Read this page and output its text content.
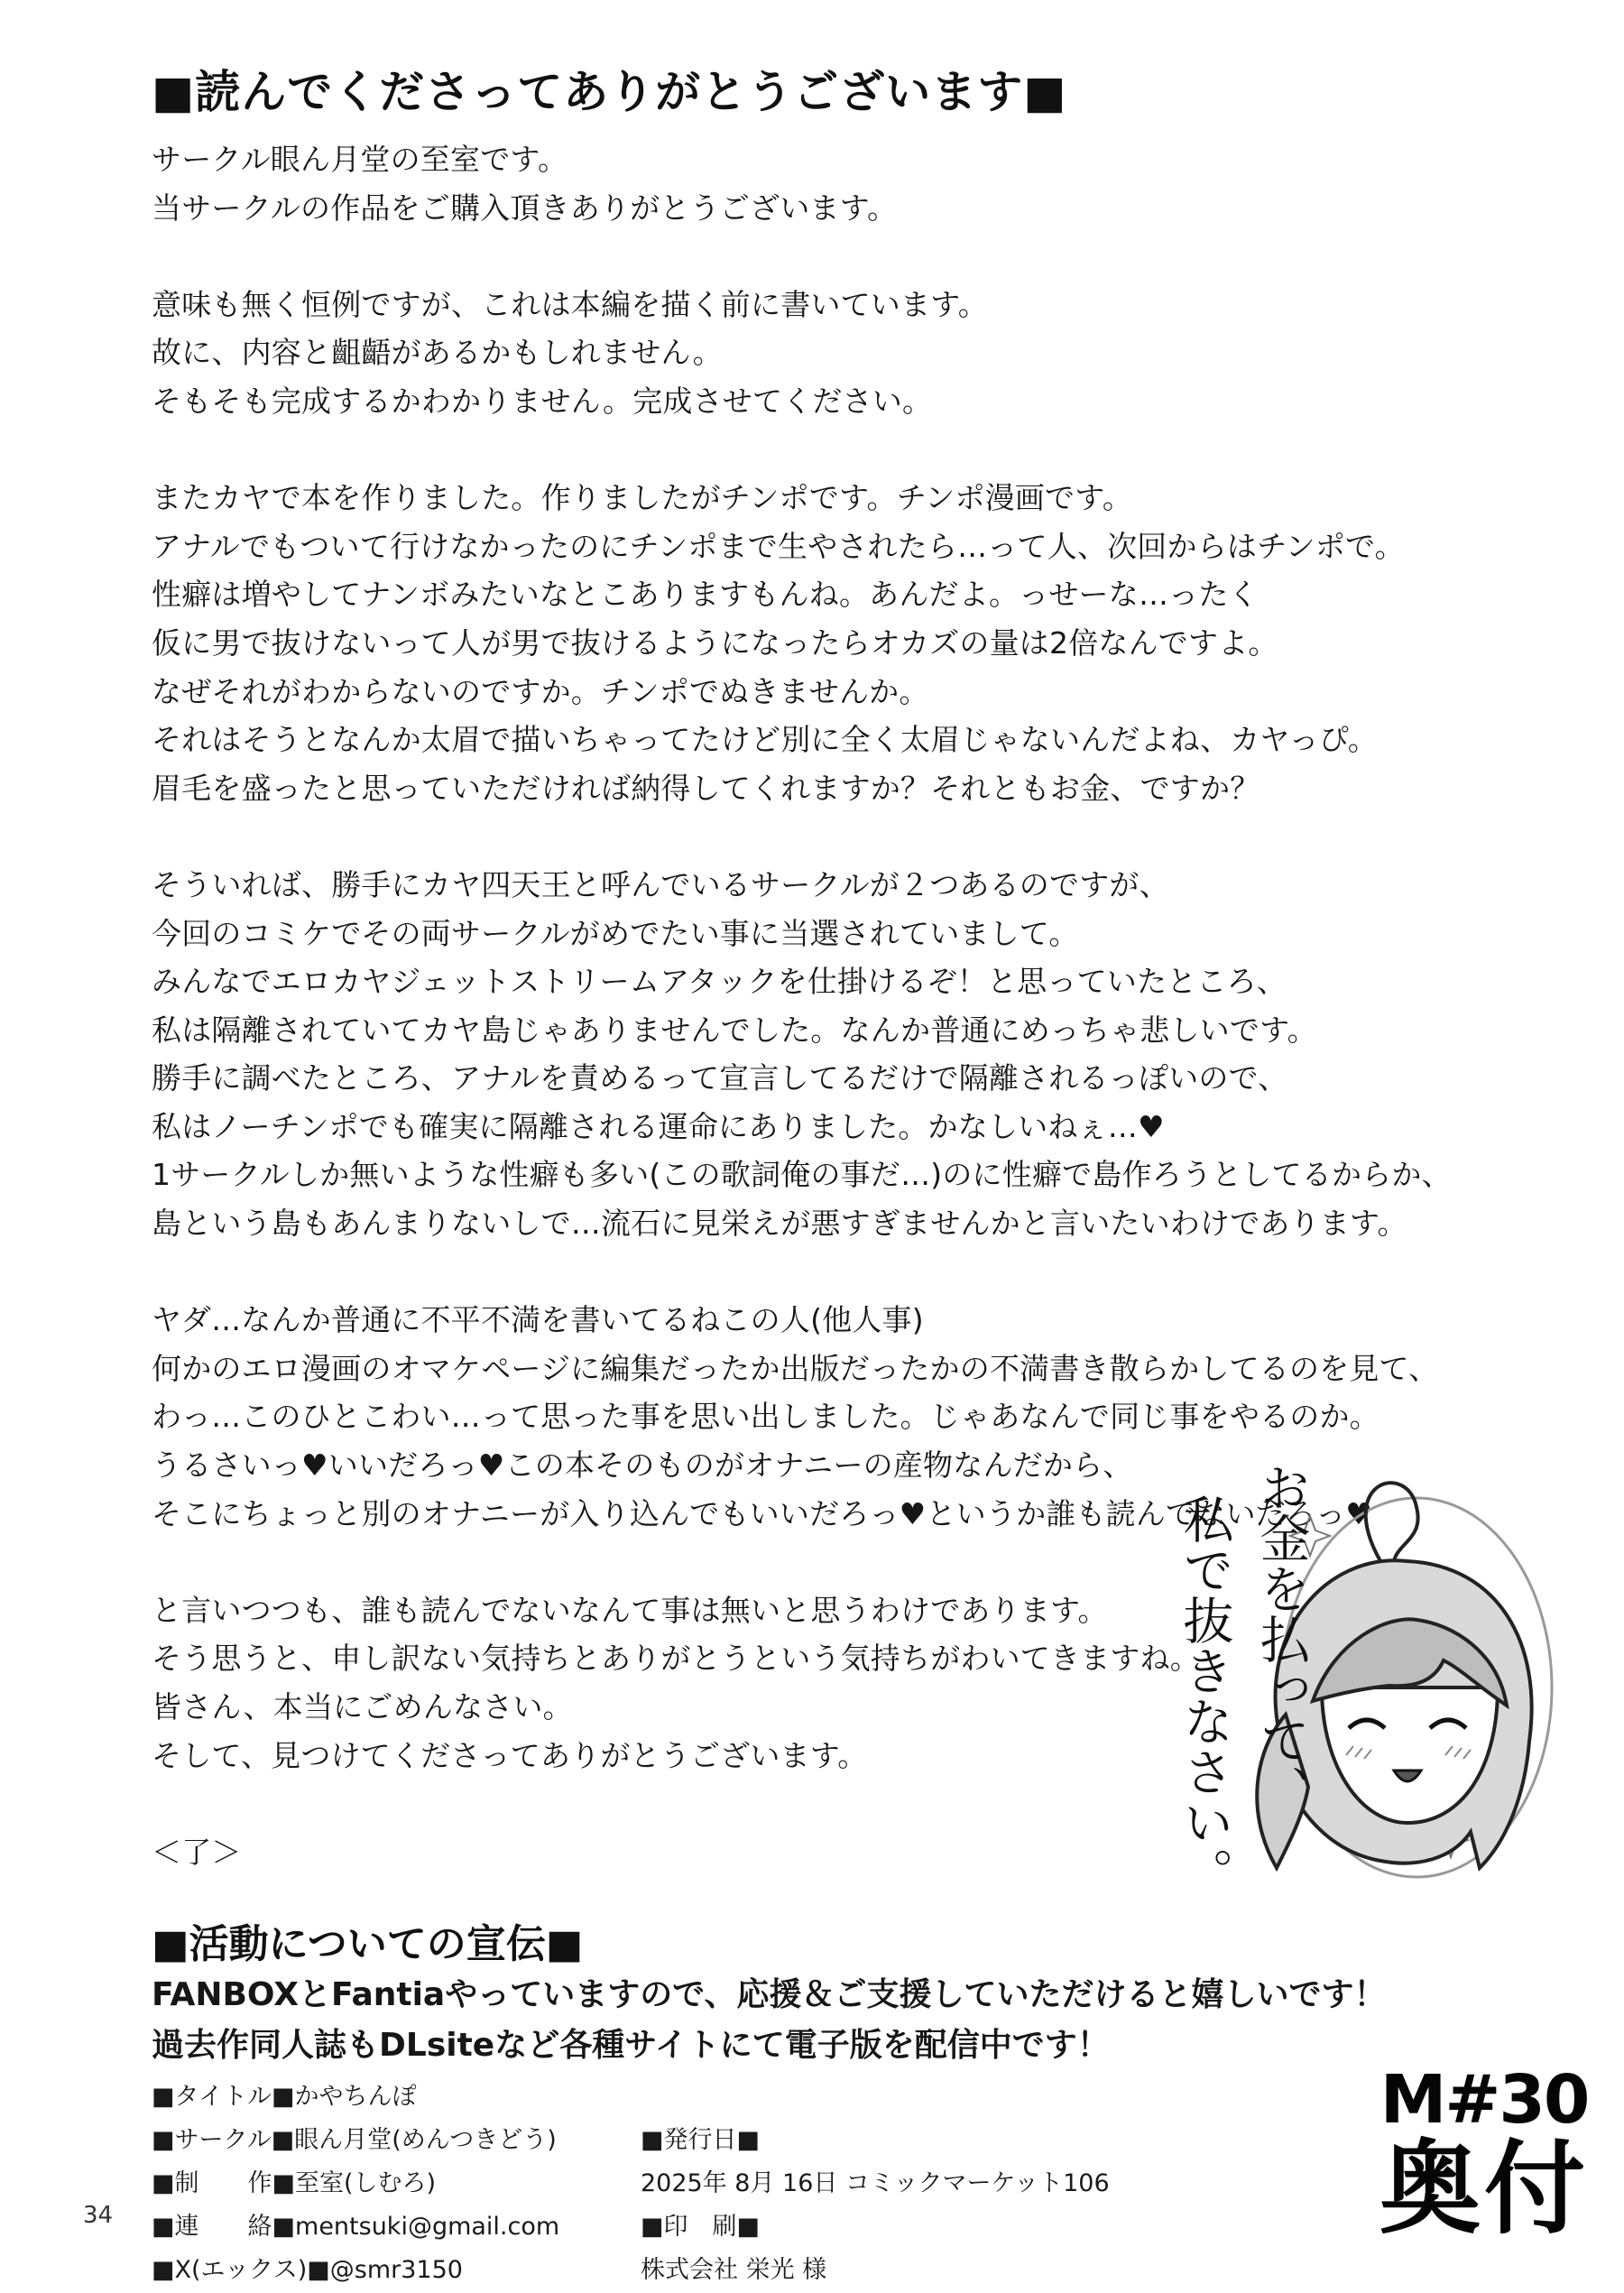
■読んでくださってありがとうございます■
サークル眼ん月堂の至室です。
当サークルの作品をご購入頂きありがとうございます。
意味も無く恒例ですが、これは本編を描く前に書いています。
故に、内容と齟齬があるかもしれません。
そもそも完成するかわかりません。完成させてください。
またカヤで本を作りました。作りましたがチンポです。チンポ漫画です。
アナルでもついて行けなかったのにチンポまで生やされたら…って人、次回からはチンポで。
性癖は増やしてナンボみたいなとこありますもんね。あんだよ。っせーな…ったく
仮に男で抜けないって人が男で抜けるようになったらオカズの量は2倍なんですよ。
なぜそれがわからないのですか。チンポでぬきませんか。
それはそうとなんか太眉で描いちゃってたけど別に全く太眉じゃないんだよね、カヤっぴ。
眉毛を盛ったと思っていただければ納得してくれますか？それともお金、ですか？
そういれば、勝手にカヤ四天王と呼んでいるサークルが２つあるのですが、
今回のコミケでその両サークルがめでたい事に当選されていまして。
みんなでエロカヤジェットストリームアタックを仕掛けるぞ！と思っていたところ、
私は隔離されていてカヤ島じゃありませんでした。なんか普通にめっちゃ悲しいです。
勝手に調べたところ、アナルを責めるって宣言してるだけで隔離されるっぽいので、
私はノーチンポでも確実に隔離される運命にありました。かなしいねぇ…♥
1サークルしか無いような性癖も多い(この歌詞俺の事だ…)のに性癖で島作ろうとしてるからか、
島という島もあんまりないしで…流石に見栄えが悪すぎませんかと言いたいわけであります。
ヤダ…なんか普通に不平不満を書いてるねこの人(他人事)
何かのエロ漫画のオマケページに編集だったか出版だったかの不満書き散らかしてるのを見て、
わっ…このひとこわい…って思った事を思い出しました。じゃあなんで同じ事をやるのか。
うるさいっ♥いいだろっ♥この本そのものがオナニーの産物なんだから、
そこにちょっと別のオナニーが入り込んでもいいだろっ♥というか誰も読んでないだろっ♥
と言いつつも、誰も読んでないなんて事は無いと思うわけであります。
そう思うと、申し訳ない気持ちとありがとうという気持ちがわいてきますね。
皆さん、本当にごめんなさい。
そして、見つけてくださってありがとうございます。
＜了＞
お金を払って、
私で抜きなさい。
■活動についての宣伝■
FANBOXとFantiaやっていますので、応援＆ご支援していただけると嬉しいです！
過去作同人誌もDLsiteなど各種サイトにて電子版を配信中です！
■タイトル■かやちんぽ
■サークル■眼ん月堂(めんつきどう)
■制　　作■至室(しむろ)
■連　　絡■mentsuki@gmail.com
■X(エックス)■@smr3150
■発行日■
2025年 8月 16日 コミックマーケット106
■印　刷■
株式会社 栄光 様
M#30
奥付
34
